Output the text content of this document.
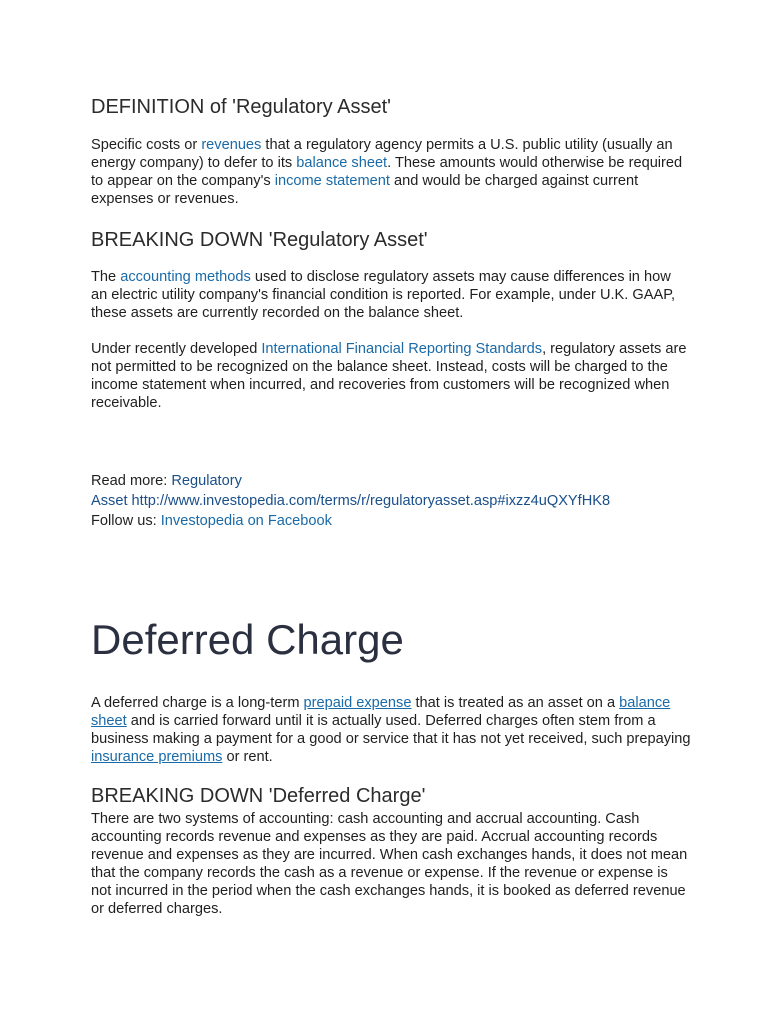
DEFINITION of 'Regulatory Asset'

Specific costs or revenues that a regulatory agency permits a U.S. public utility (usually an energy company) to defer to its balance sheet. These amounts would otherwise be required to appear on the company's income statement and would be charged against current expenses or revenues.

BREAKING DOWN 'Regulatory Asset'

The accounting methods used to disclose regulatory assets may cause differences in how an electric utility company's financial condition is reported. For example, under U.K. GAAP, these assets are currently recorded on the balance sheet.

Under recently developed International Financial Reporting Standards, regulatory assets are not permitted to be recognized on the balance sheet. Instead, costs will be charged to the income statement when incurred, and recoveries from customers will be recognized when receivable.

Read more: Regulatory
Asset http://www.investopedia.com/terms/r/regulatoryasset.asp#ixzz4uQXYfHK8

Follow us: Investopedia on Facebook

Deferred Charge

A deferred charge is a long-term prepaid expense that is treated as an asset on a balance sheet and is carried forward until it is actually used. Deferred charges often stem from a business making a payment for a good or service that it has not yet received, such prepaying insurance premiums or rent.

BREAKING DOWN 'Deferred Charge'

There are two systems of accounting: cash accounting and accrual accounting. Cash accounting records revenue and expenses as they are paid. Accrual accounting records revenue and expenses as they are incurred. When cash exchanges hands, it does not mean that the company records the cash as a revenue or expense. If the revenue or expense is not incurred in the period when the cash exchanges hands, it is booked as deferred revenue or deferred charges.
